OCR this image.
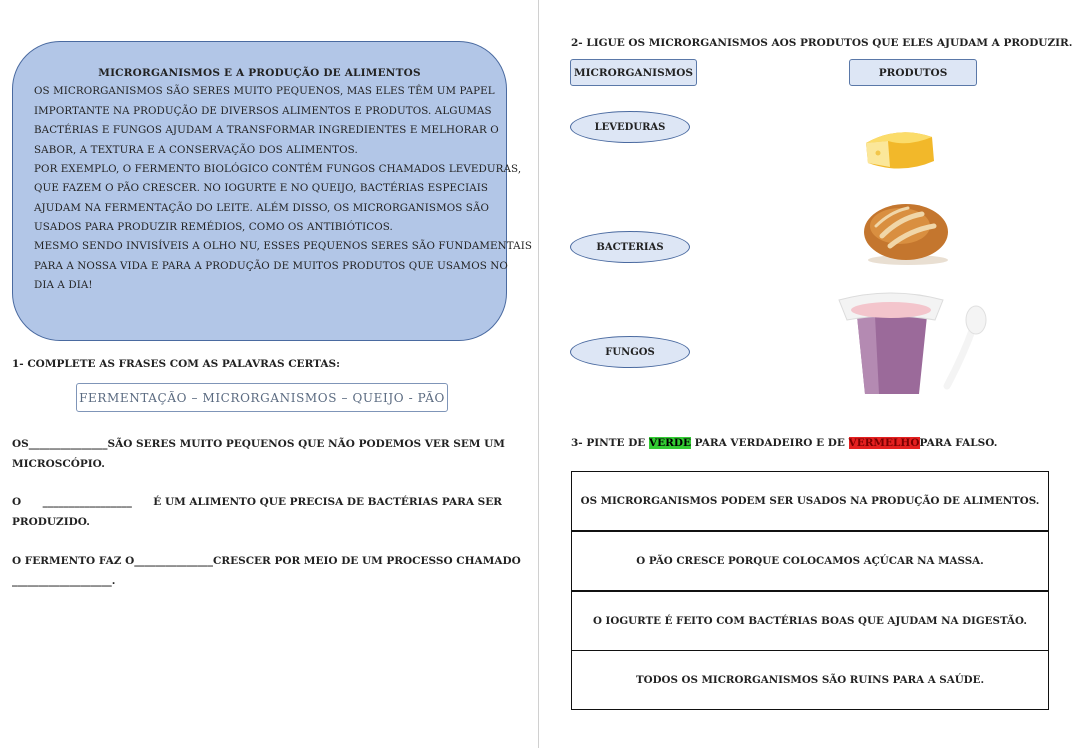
MICRORGANISMOS E A PRODUÇÃO DE ALIMENTOS
OS MICRORGANISMOS SÃO SERES MUITO PEQUENOS, MAS ELES TÊM UM PAPEL
IMPORTANTE NA PRODUÇÃO DE DIVERSOS ALIMENTOS E PRODUTOS. ALGUMAS
BACTÉRIAS E FUNGOS AJUDAM A TRANSFORMAR INGREDIENTES E MELHORAR O
SABOR, A TEXTURA E A CONSERVAÇÃO DOS ALIMENTOS.
POR EXEMPLO, O FERMENTO BIOLÓGICO CONTÉM FUNGOS CHAMADOS LEVEDURAS,
QUE FAZEM O PÃO CRESCER. NO IOGURTE E NO QUEIJO, BACTÉRIAS ESPECIAIS
AJUDAM NA FERMENTAÇÃO DO LEITE. ALÉM DISSO, OS MICRORGANISMOS SÃO
USADOS PARA PRODUZIR REMÉDIOS, COMO OS ANTIBIÓTICOS.
MESMO SENDO INVISÍVEIS A OLHO NU, ESSES PEQUENOS SERES SÃO FUNDAMENTAIS
PARA A NOSSA VIDA E PARA A PRODUÇÃO DE MUITOS PRODUTOS QUE USAMOS NO
DIA A DIA!
1- COMPLETE AS FRASES COM AS PALAVRAS CERTAS:
FERMENTAÇÃO – MICRORGANISMOS – QUEIJO - PÃO
OS _______________ SÃO SERES MUITO PEQUENOS QUE NÃO PODEMOS VER SEM UM
MICROSCÓPIO.
O _________________ É UM ALIMENTO QUE PRECISA DE BACTÉRIAS PARA SER
PRODUZIDO.
O FERMENTO FAZ O _______________ CRESCER POR MEIO DE UM PROCESSO CHAMADO
___________________.
2- LIGUE OS MICRORGANISMOS AOS PRODUTOS QUE ELES AJUDAM A PRODUZIR.
MICRORGANISMOS	PRODUTOS
LEVEDURAS
BACTERIAS
FUNGOS
3- PINTE DE VERDE PARA VERDADEIRO E DE VERMELHOPARA FALSO.
OS MICRORGANISMOS PODEM SER USADOS NA PRODUÇÃO DE ALIMENTOS.
O PÃO CRESCE PORQUE COLOCAMOS AÇÚCAR NA MASSA.
O IOGURTE É FEITO COM BACTÉRIAS BOAS QUE AJUDAM NA DIGESTÃO.
TODOS OS MICRORGANISMOS SÃO RUINS PARA A SAÚDE.
